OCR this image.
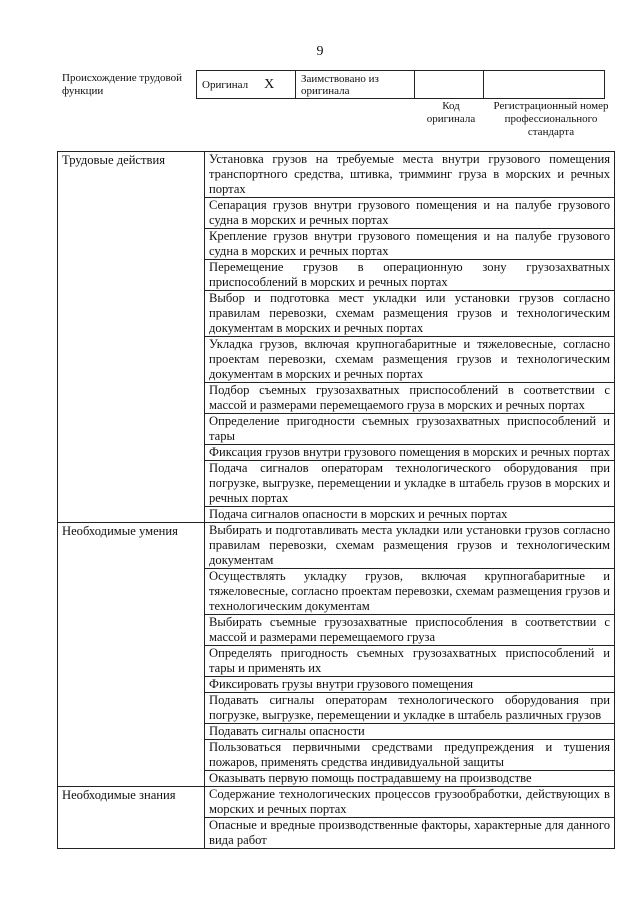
9
Происхождение трудовой функции
Оригинал X	Заимствовано из оригинала		
Код оригинала
Регистрационный номер профессионального стандарта
Трудовые действия	Установка грузов на требуемые места внутри грузового помещения транспортного средства, штивка, тримминг груза в морских и речных портах
	Сепарация грузов внутри грузового помещения и на палубе грузового судна в морских и речных портах
	Крепление грузов внутри грузового помещения и на палубе грузового судна в морских и речных портах
	Перемещение грузов в операционную зону грузозахватных приспособлений в морских и речных портах
	Выбор и подготовка мест укладки или установки грузов согласно правилам перевозки, схемам размещения грузов и технологическим документам в морских и речных портах
	Укладка грузов, включая крупногабаритные и тяжеловесные, согласно проектам перевозки, схемам размещения грузов и технологическим документам в морских и речных портах
	Подбор съемных грузозахватных приспособлений в соответствии с массой и размерами перемещаемого груза в морских и речных портах
	Определение пригодности съемных грузозахватных приспособлений и тары
	Фиксация грузов внутри грузового помещения в морских и речных портах
	Подача сигналов операторам технологического оборудования при погрузке, выгрузке, перемещении и укладке в штабель грузов в морских и речных портах
	Подача сигналов опасности в морских и речных портах
Необходимые умения	Выбирать и подготавливать места укладки или установки грузов согласно правилам перевозки, схемам размещения грузов и технологическим документам
	Осуществлять укладку грузов, включая крупногабаритные и тяжеловесные, согласно проектам перевозки, схемам размещения грузов и технологическим документам
	Выбирать съемные грузозахватные приспособления в соответствии с массой и размерами перемещаемого груза
	Определять пригодность съемных грузозахватных приспособлений и тары и применять их
	Фиксировать грузы внутри грузового помещения
	Подавать сигналы операторам технологического оборудования при погрузке, выгрузке, перемещении и укладке в штабель различных грузов
	Подавать сигналы опасности
	Пользоваться первичными средствами предупреждения и тушения пожаров, применять средства индивидуальной защиты
	Оказывать первую помощь пострадавшему на производстве
Необходимые знания	Содержание технологических процессов грузообработки, действующих в морских и речных портах
	Опасные и вредные производственные факторы, характерные для данного вида работ
